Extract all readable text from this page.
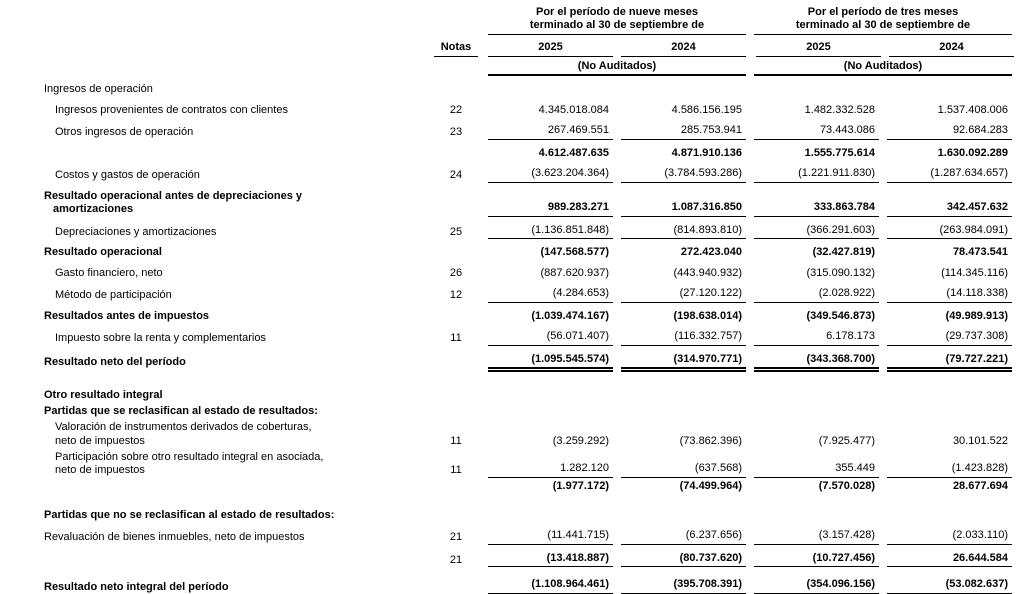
Por el período de nueve meses
terminado al 30 de septiembre de
Por el período de tres meses
terminado al 30 de septiembre de
Notas	2025	2024	2025	2024
(No Auditados)	(No Auditados)
Ingresos de operación
Ingresos provenientes de contratos con clientes	22	4.345.018.084	4.586.156.195	1.482.332.528	1.537.408.006
Otros ingresos de operación	23	267.469.551	285.753.941	73.443.086	92.684.283
4.612.487.635	4.871.910.136	1.555.775.614	1.630.092.289
Costos y gastos de operación	24	(3.623.204.364)	(3.784.593.286)	(1.221.911.830)	(1.287.634.657)
Resultado operacional antes de depreciaciones y
amortizaciones	989.283.271	1.087.316.850	333.863.784	342.457.632
Depreciaciones y amortizaciones	25	(1.136.851.848)	(814.893.810)	(366.291.603)	(263.984.091)
Resultado operacional	(147.568.577)	272.423.040	(32.427.819)	78.473.541
Gasto financiero, neto	26	(887.620.937)	(443.940.932)	(315.090.132)	(114.345.116)
Método de participación	12	(4.284.653)	(27.120.122)	(2.028.922)	(14.118.338)
Resultados antes de impuestos	(1.039.474.167)	(198.638.014)	(349.546.873)	(49.989.913)
Impuesto sobre la renta y complementarios	11	(56.071.407)	(116.332.757)	6.178.173	(29.737.308)
Resultado neto del período	(1.095.545.574)	(314.970.771)	(343.368.700)	(79.727.221)
Otro resultado integral
Partidas que se reclasifican al estado de resultados:
Valoración de instrumentos derivados de coberturas,
neto de impuestos	11	(3.259.292)	(73.862.396)	(7.925.477)	30.101.522
Participación sobre otro resultado integral en asociada,
neto de impuestos	11	1.282.120	(637.568)	355.449	(1.423.828)
(1.977.172)	(74.499.964)	(7.570.028)	28.677.694
Partidas que no se reclasifican al estado de resultados:
Revaluación de bienes inmuebles, neto de impuestos	21	(11.441.715)	(6.237.656)	(3.157.428)	(2.033.110)
21	(13.418.887)	(80.737.620)	(10.727.456)	26.644.584
Resultado neto integral del período	(1.108.964.461)	(395.708.391)	(354.096.156)	(53.082.637)
